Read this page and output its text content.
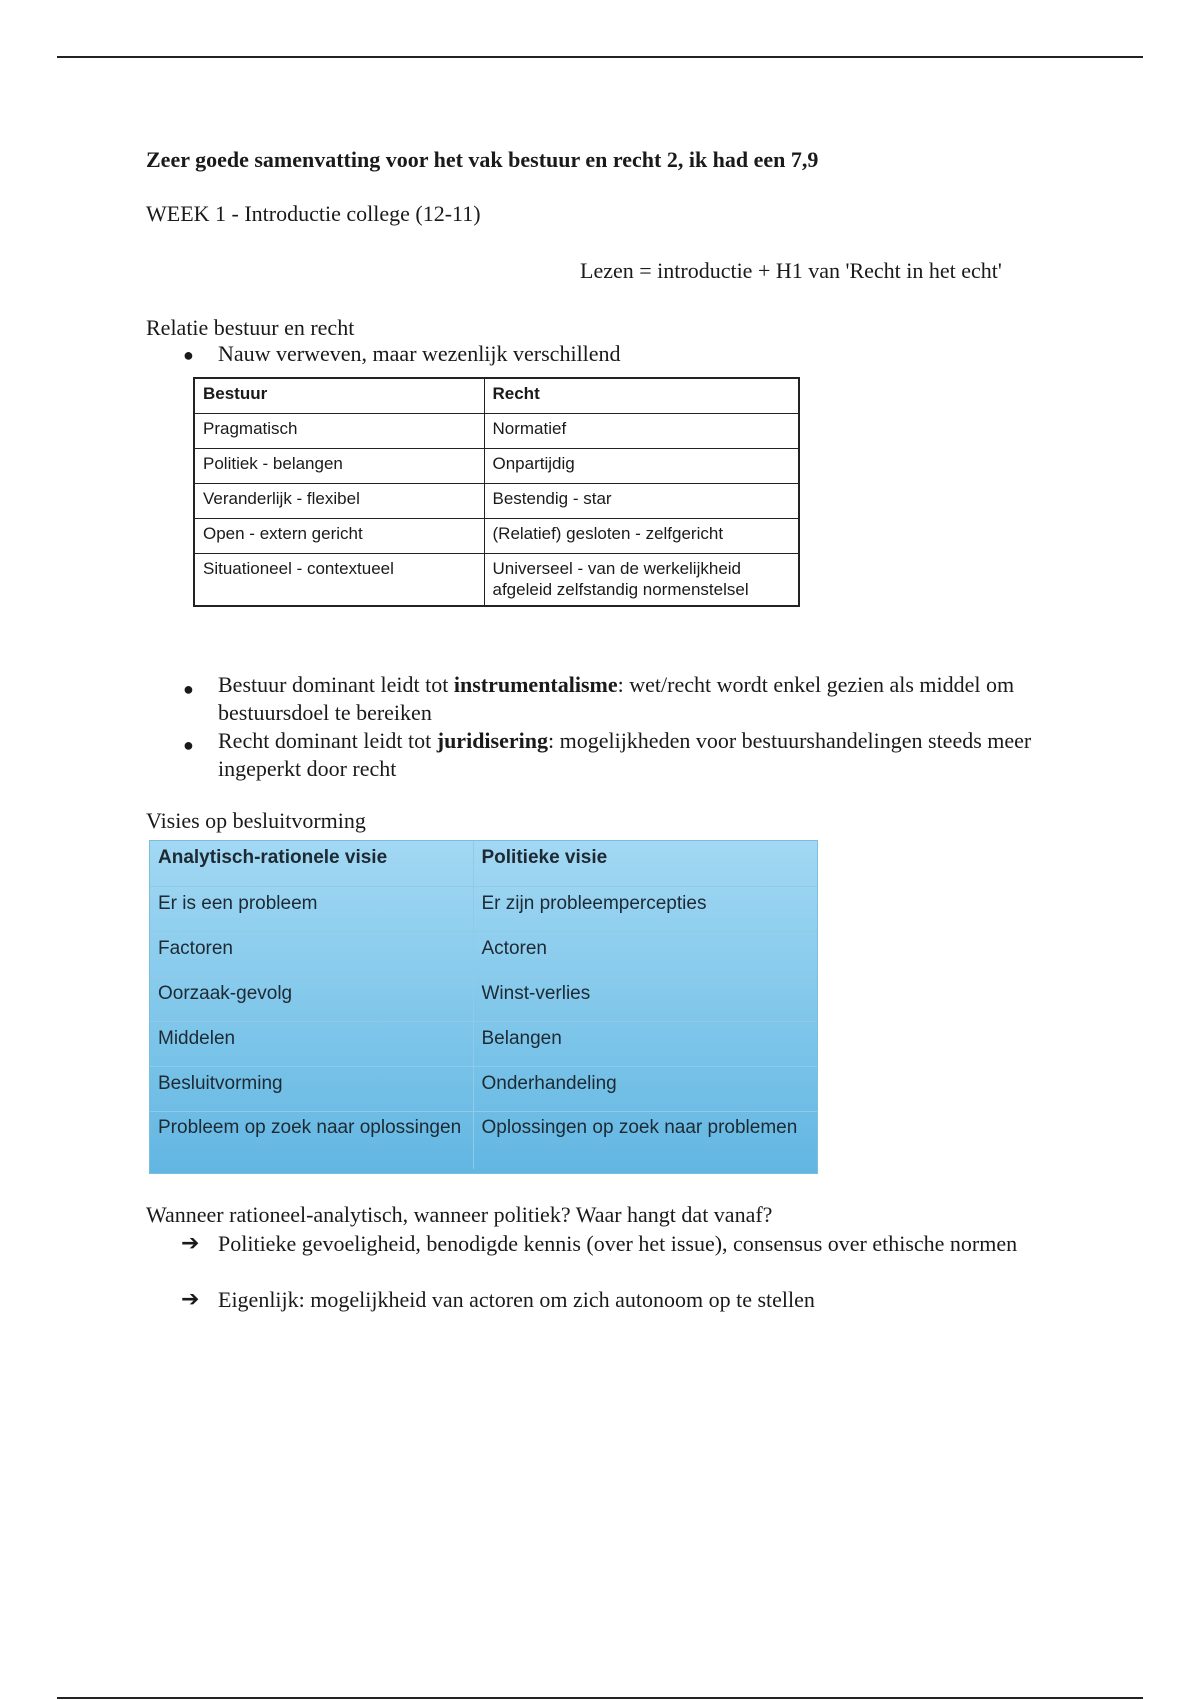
Zeer goede samenvatting voor het vak bestuur en recht 2, ik had een 7,9
WEEK 1 - Introductie college (12-11)
Lezen = introductie + H1 van 'Recht in het echt'
Relatie bestuur en recht
● Nauw verweven, maar wezenlijk verschillend
Bestuur	Recht
Pragmatisch	Normatief
Politiek - belangen	Onpartijdig
Veranderlijk - flexibel	Bestendig - star
Open - extern gericht	(Relatief) gesloten - zelfgericht
Situationeel - contextueel	Universeel - van de werkelijkheid afgeleid zelfstandig normenstelsel
● Bestuur dominant leidt tot instrumentalisme: wet/recht wordt enkel gezien als middel om bestuursdoel te bereiken
● Recht dominant leidt tot juridisering: mogelijkheden voor bestuurshandelingen steeds meer ingeperkt door recht
Visies op besluitvorming
Analytisch-rationele visie	Politieke visie
Er is een probleem	Er zijn probleempercepties
Factoren	Actoren
Oorzaak-gevolg	Winst-verlies
Middelen	Belangen
Besluitvorming	Onderhandeling
Probleem op zoek naar oplossingen	Oplossingen op zoek naar problemen
Wanneer rationeel-analytisch, wanneer politiek? Waar hangt dat vanaf?
➔ Politieke gevoeligheid, benodigde kennis (over het issue), consensus over ethische normen
➔ Eigenlijk: mogelijkheid van actoren om zich autonoom op te stellen
